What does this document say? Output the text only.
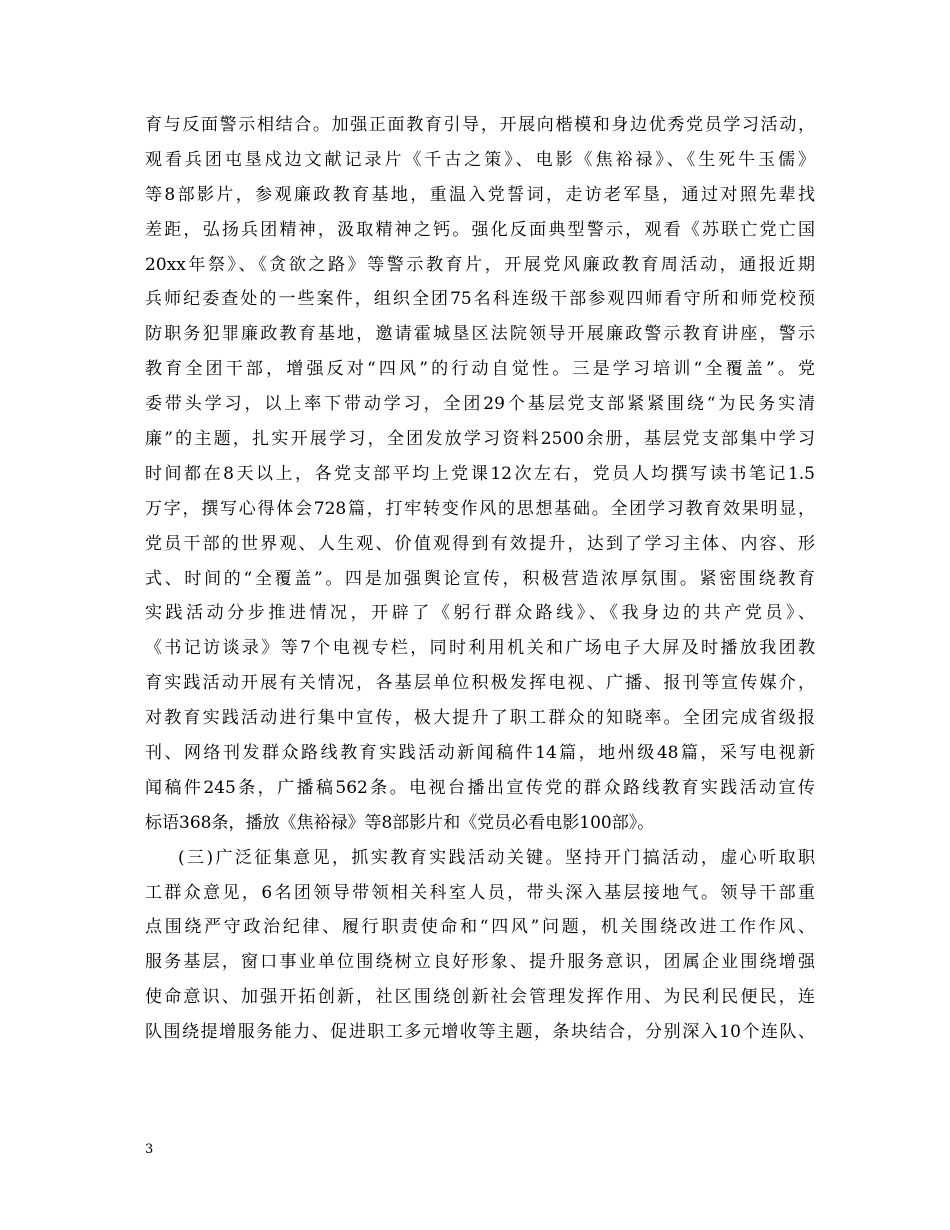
育与反面警示相结合。加强正面教育引导，开展向楷模和身边优秀党员学习活动，
观看兵团屯垦戍边文献记录片《千古之策》、电影《焦裕禄》、《生死牛玉儒》
等8部影片，参观廉政教育基地，重温入党誓词，走访老军垦，通过对照先辈找
差距，弘扬兵团精神，汲取精神之钙。强化反面典型警示，观看《苏联亡党亡国
20xx年祭》、《贪欲之路》等警示教育片，开展党风廉政教育周活动，通报近期
兵师纪委查处的一些案件，组织全团75名科连级干部参观四师看守所和师党校预
防职务犯罪廉政教育基地，邀请霍城垦区法院领导开展廉政警示教育讲座，警示
教育全团干部，增强反对“四风”的行动自觉性。三是学习培训“全覆盖”。党
委带头学习，以上率下带动学习，全团29个基层党支部紧紧围绕“为民务实清
廉”的主题，扎实开展学习，全团发放学习资料2500余册，基层党支部集中学习
时间都在8天以上，各党支部平均上党课12次左右，党员人均撰写读书笔记1.5
万字，撰写心得体会728篇，打牢转变作风的思想基础。全团学习教育效果明显，
党员干部的世界观、人生观、价值观得到有效提升，达到了学习主体、内容、形
式、时间的“全覆盖”。四是加强舆论宣传，积极营造浓厚氛围。紧密围绕教育
实践活动分步推进情况，开辟了《躬行群众路线》、《我身边的共产党员》、
《书记访谈录》等7个电视专栏，同时利用机关和广场电子大屏及时播放我团教
育实践活动开展有关情况，各基层单位积极发挥电视、广播、报刊等宣传媒介，
对教育实践活动进行集中宣传，极大提升了职工群众的知晓率。全团完成省级报
刊、网络刊发群众路线教育实践活动新闻稿件14篇，地州级48篇，采写电视新
闻稿件245条，广播稿562条。电视台播出宣传党的群众路线教育实践活动宣传
标语368条，播放《焦裕禄》等8部影片和《党员必看电影100部》。
(三)广泛征集意见，抓实教育实践活动关键。坚持开门搞活动，虚心听取职
工群众意见，6名团领导带领相关科室人员，带头深入基层接地气。领导干部重
点围绕严守政治纪律、履行职责使命和“四风”问题，机关围绕改进工作作风、
服务基层，窗口事业单位围绕树立良好形象、提升服务意识，团属企业围绕增强
使命意识、加强开拓创新，社区围绕创新社会管理发挥作用、为民利民便民，连
队围绕提增服务能力、促进职工多元增收等主题，条块结合，分别深入10个连队、
3
